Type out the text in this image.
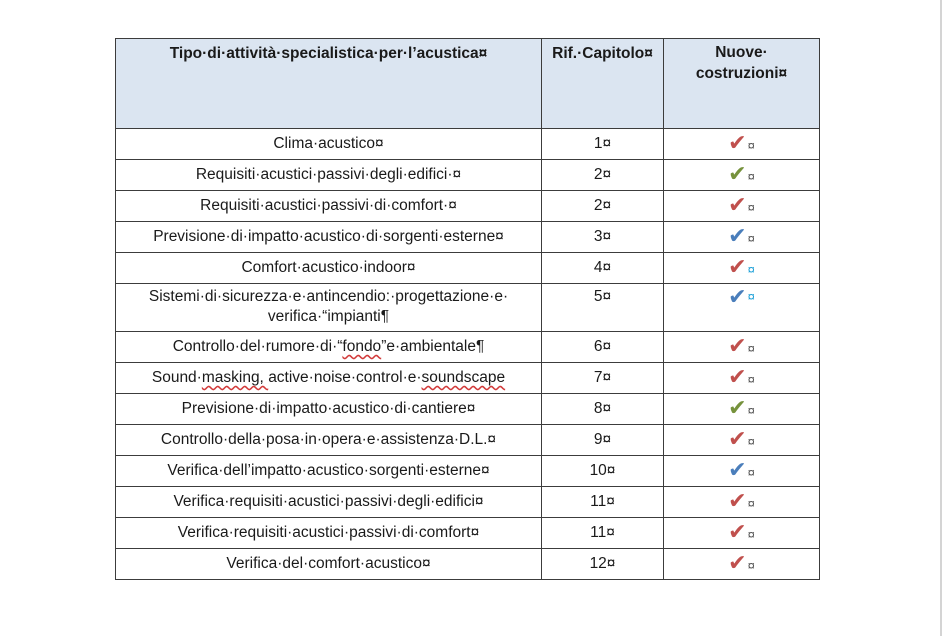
Tipo·di·attività·specialistica·per·l’acustica¤	Rif.·Capitolo¤	Nuove·
costruzioni¤
Clima·acustico¤	1¤	✔ ¤

Requisiti·acustici·passivi·degli·edifici·¤	2¤	✔ ¤

Requisiti·acustici·passivi·di·comfort·¤	2¤	✔ ¤

Previsione·di·impatto·acustico·di·sorgenti·esterne¤	3¤	✔ ¤

Comfort·acustico·indoor¤	4¤	✔ ¤

Sistemi·di·sicurezza·e·antincendio:·progettazione·e·
verifica·“impianti¶	5¤	✔ ¤

Controllo·del·rumore·di·“fondo”e·ambientale¶	6¤	✔ ¤

Sound·masking, active·noise·control·e·soundscape	7¤	✔ ¤

Previsione·di·impatto·acustico·di·cantiere¤	8¤	✔ ¤

Controllo·della·posa·in·opera·e·assistenza·D.L.¤	9¤	✔ ¤

Verifica·dell’impatto·acustico·sorgenti·esterne¤	10¤	✔ ¤

Verifica·requisiti·acustici·passivi·degli·edifici¤	11¤	✔ ¤

Verifica·requisiti·acustici·passivi·di·comfort¤	11¤	✔ ¤

Verifica·del·comfort·acustico¤	12¤	✔ ¤
